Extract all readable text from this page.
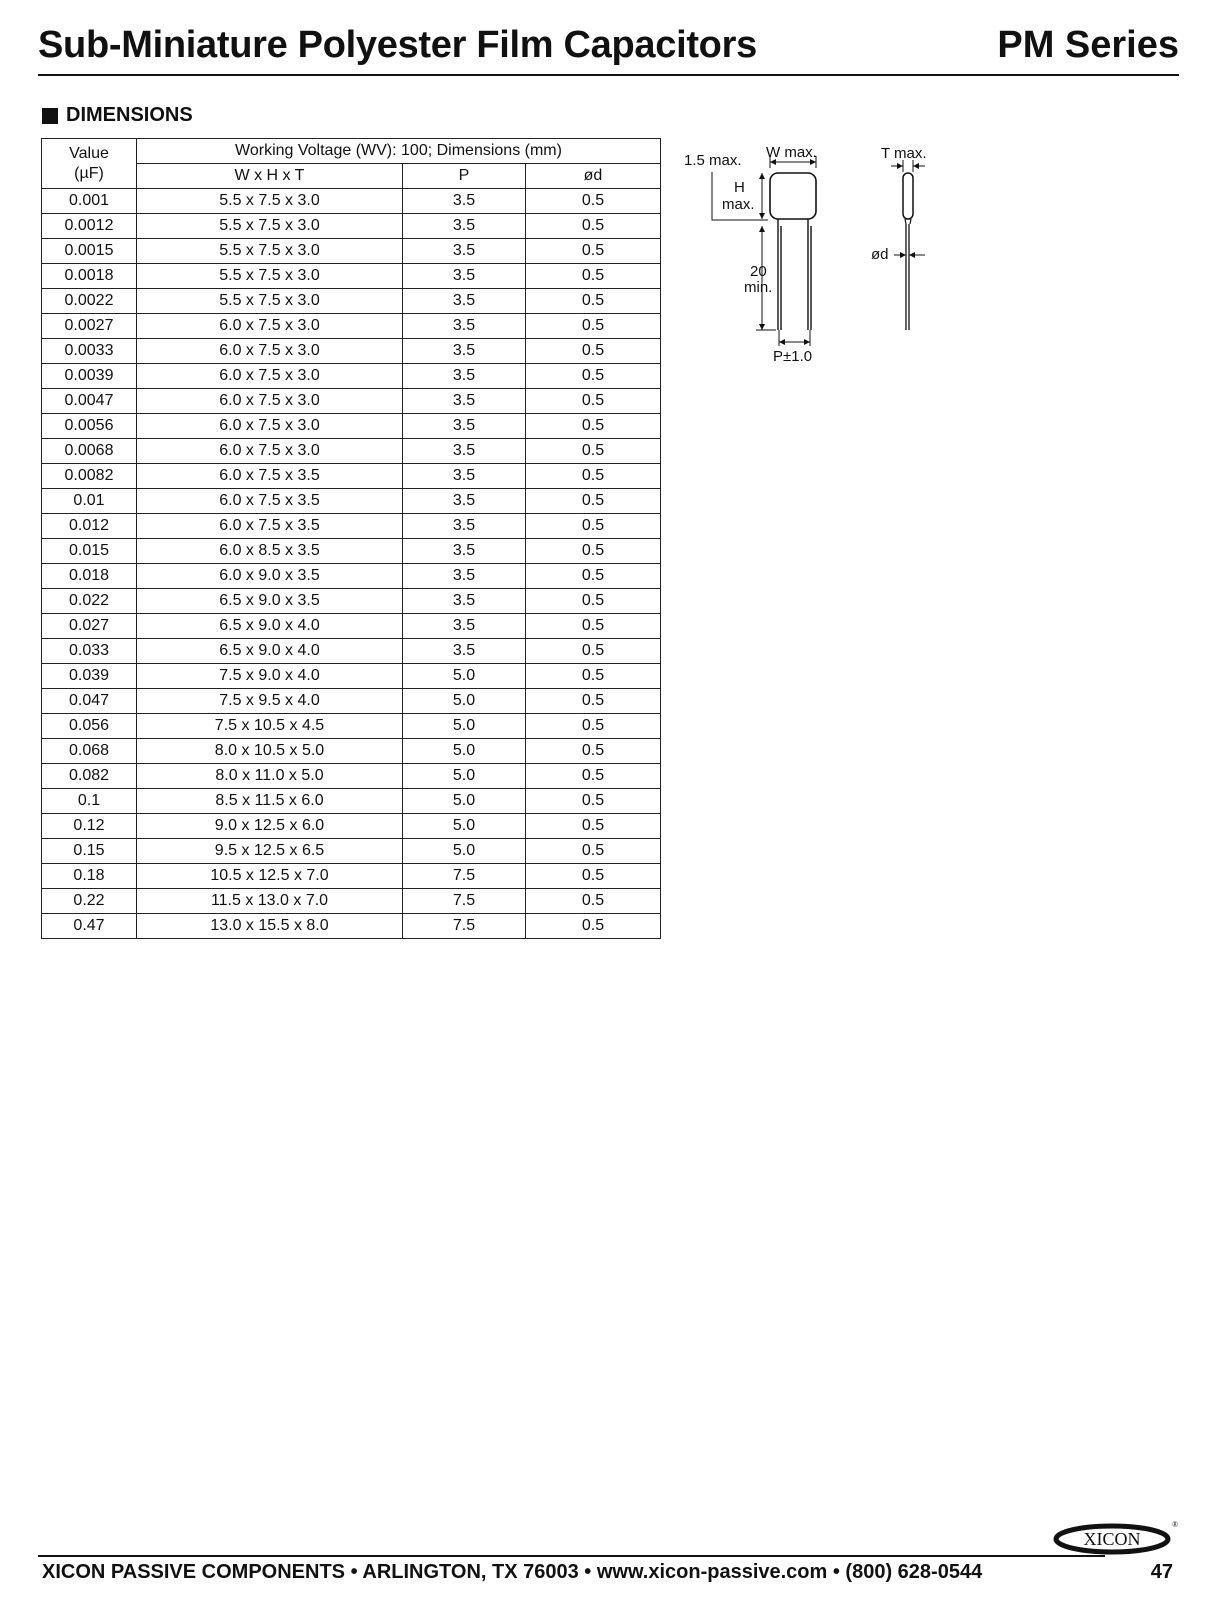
Sub-Miniature Polyester Film Capacitors	PM Series
DIMENSIONS
Value
(µF)	Working Voltage (WV): 100; Dimensions (mm)		
	W x H x T	P	ød
0.001	5.5 x 7.5 x 3.0	3.5	0.5
0.0012	5.5 x 7.5 x 3.0	3.5	0.5
0.0015	5.5 x 7.5 x 3.0	3.5	0.5
0.0018	5.5 x 7.5 x 3.0	3.5	0.5
0.0022	5.5 x 7.5 x 3.0	3.5	0.5
0.0027	6.0 x 7.5 x 3.0	3.5	0.5
0.0033	6.0 x 7.5 x 3.0	3.5	0.5
0.0039	6.0 x 7.5 x 3.0	3.5	0.5
0.0047	6.0 x 7.5 x 3.0	3.5	0.5
0.0056	6.0 x 7.5 x 3.0	3.5	0.5
0.0068	6.0 x 7.5 x 3.0	3.5	0.5
0.0082	6.0 x 7.5 x 3.5	3.5	0.5
0.01	6.0 x 7.5 x 3.5	3.5	0.5
0.012	6.0 x 7.5 x 3.5	3.5	0.5
0.015	6.0 x 8.5 x 3.5	3.5	0.5
0.018	6.0 x 9.0 x 3.5	3.5	0.5
0.022	6.5 x 9.0 x 3.5	3.5	0.5
0.027	6.5 x 9.0 x 4.0	3.5	0.5
0.033	6.5 x 9.0 x 4.0	3.5	0.5
0.039	7.5 x 9.0 x 4.0	5.0	0.5
0.047	7.5 x 9.5 x 4.0	5.0	0.5
0.056	7.5 x 10.5 x 4.5	5.0	0.5
0.068	8.0 x 10.5 x 5.0	5.0	0.5
0.082	8.0 x 11.0 x 5.0	5.0	0.5
0.1	8.5 x 11.5 x 6.0	5.0	0.5
0.12	9.0 x 12.5 x 6.0	5.0	0.5
0.15	9.5 x 12.5 x 6.5	5.0	0.5
0.18	10.5 x 12.5 x 7.0	7.5	0.5
0.22	11.5 x 13.0 x 7.0	7.5	0.5
0.47	13.0 x 15.5 x 8.0	7.5	0.5
1.5 max. W max.
H
max.
20
min.
P±1.0
T max.
ød
XICON
®
XICON PASSIVE COMPONENTS • ARLINGTON, TX 76003 • www.xicon-passive.com • (800) 628-0544	47
